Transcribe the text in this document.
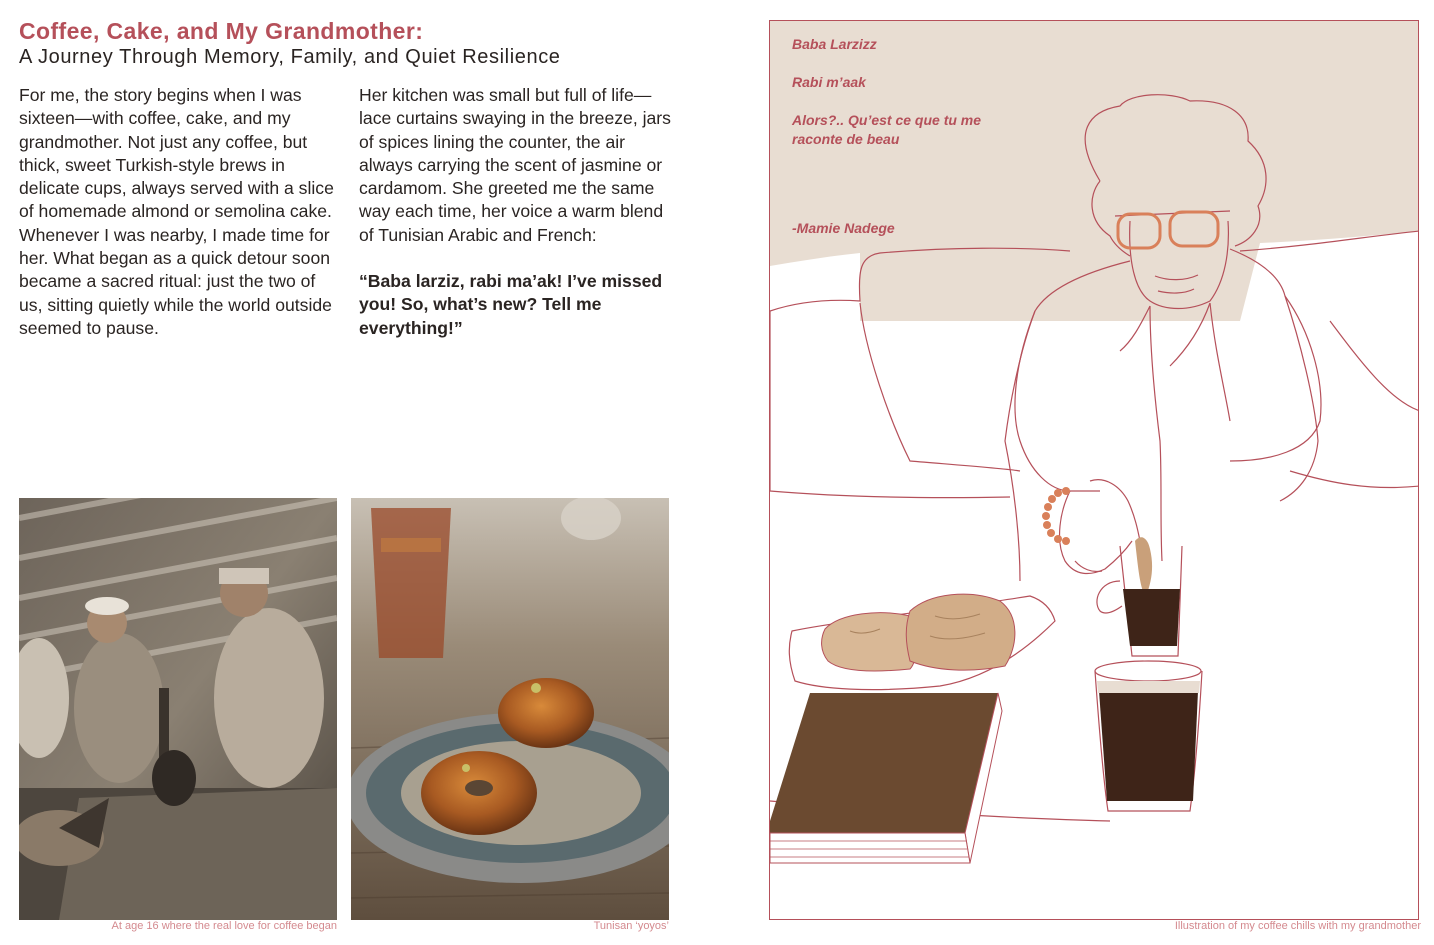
Coffee, Cake, and My Grandmother:
A Journey Through Memory, Family, and Quiet Resilience
For me, the story begins when I was sixteen—with coffee, cake, and my grandmother. Not just any coffee, but thick, sweet Turkish-style brews in delicate cups, always served with a slice of homemade almond or semolina cake. Whenever I was nearby, I made time for her. What began as a quick detour soon became a sacred ritual: just the two of us, sitting quietly while the world outside seemed to pause.
Her kitchen was small but full of life—lace curtains swaying in the breeze, jars of spices lining the counter, the air always carrying the scent of jasmine or cardamom. She greeted me the same way each time, her voice a warm blend of Tunisian Arabic and French:
“Baba larziz, rabi ma’ak! I’ve missed you! So, what’s new? Tell me everything!”
At age 16 where the real love for coffee began	Tunisan ‘yoyos’
Baba Larzizz
Rabi m’aak
Alors?.. Qu’est ce que tu me raconte de beau
-Mamie Nadege
Illustration of my coffee chills with my grandmother
